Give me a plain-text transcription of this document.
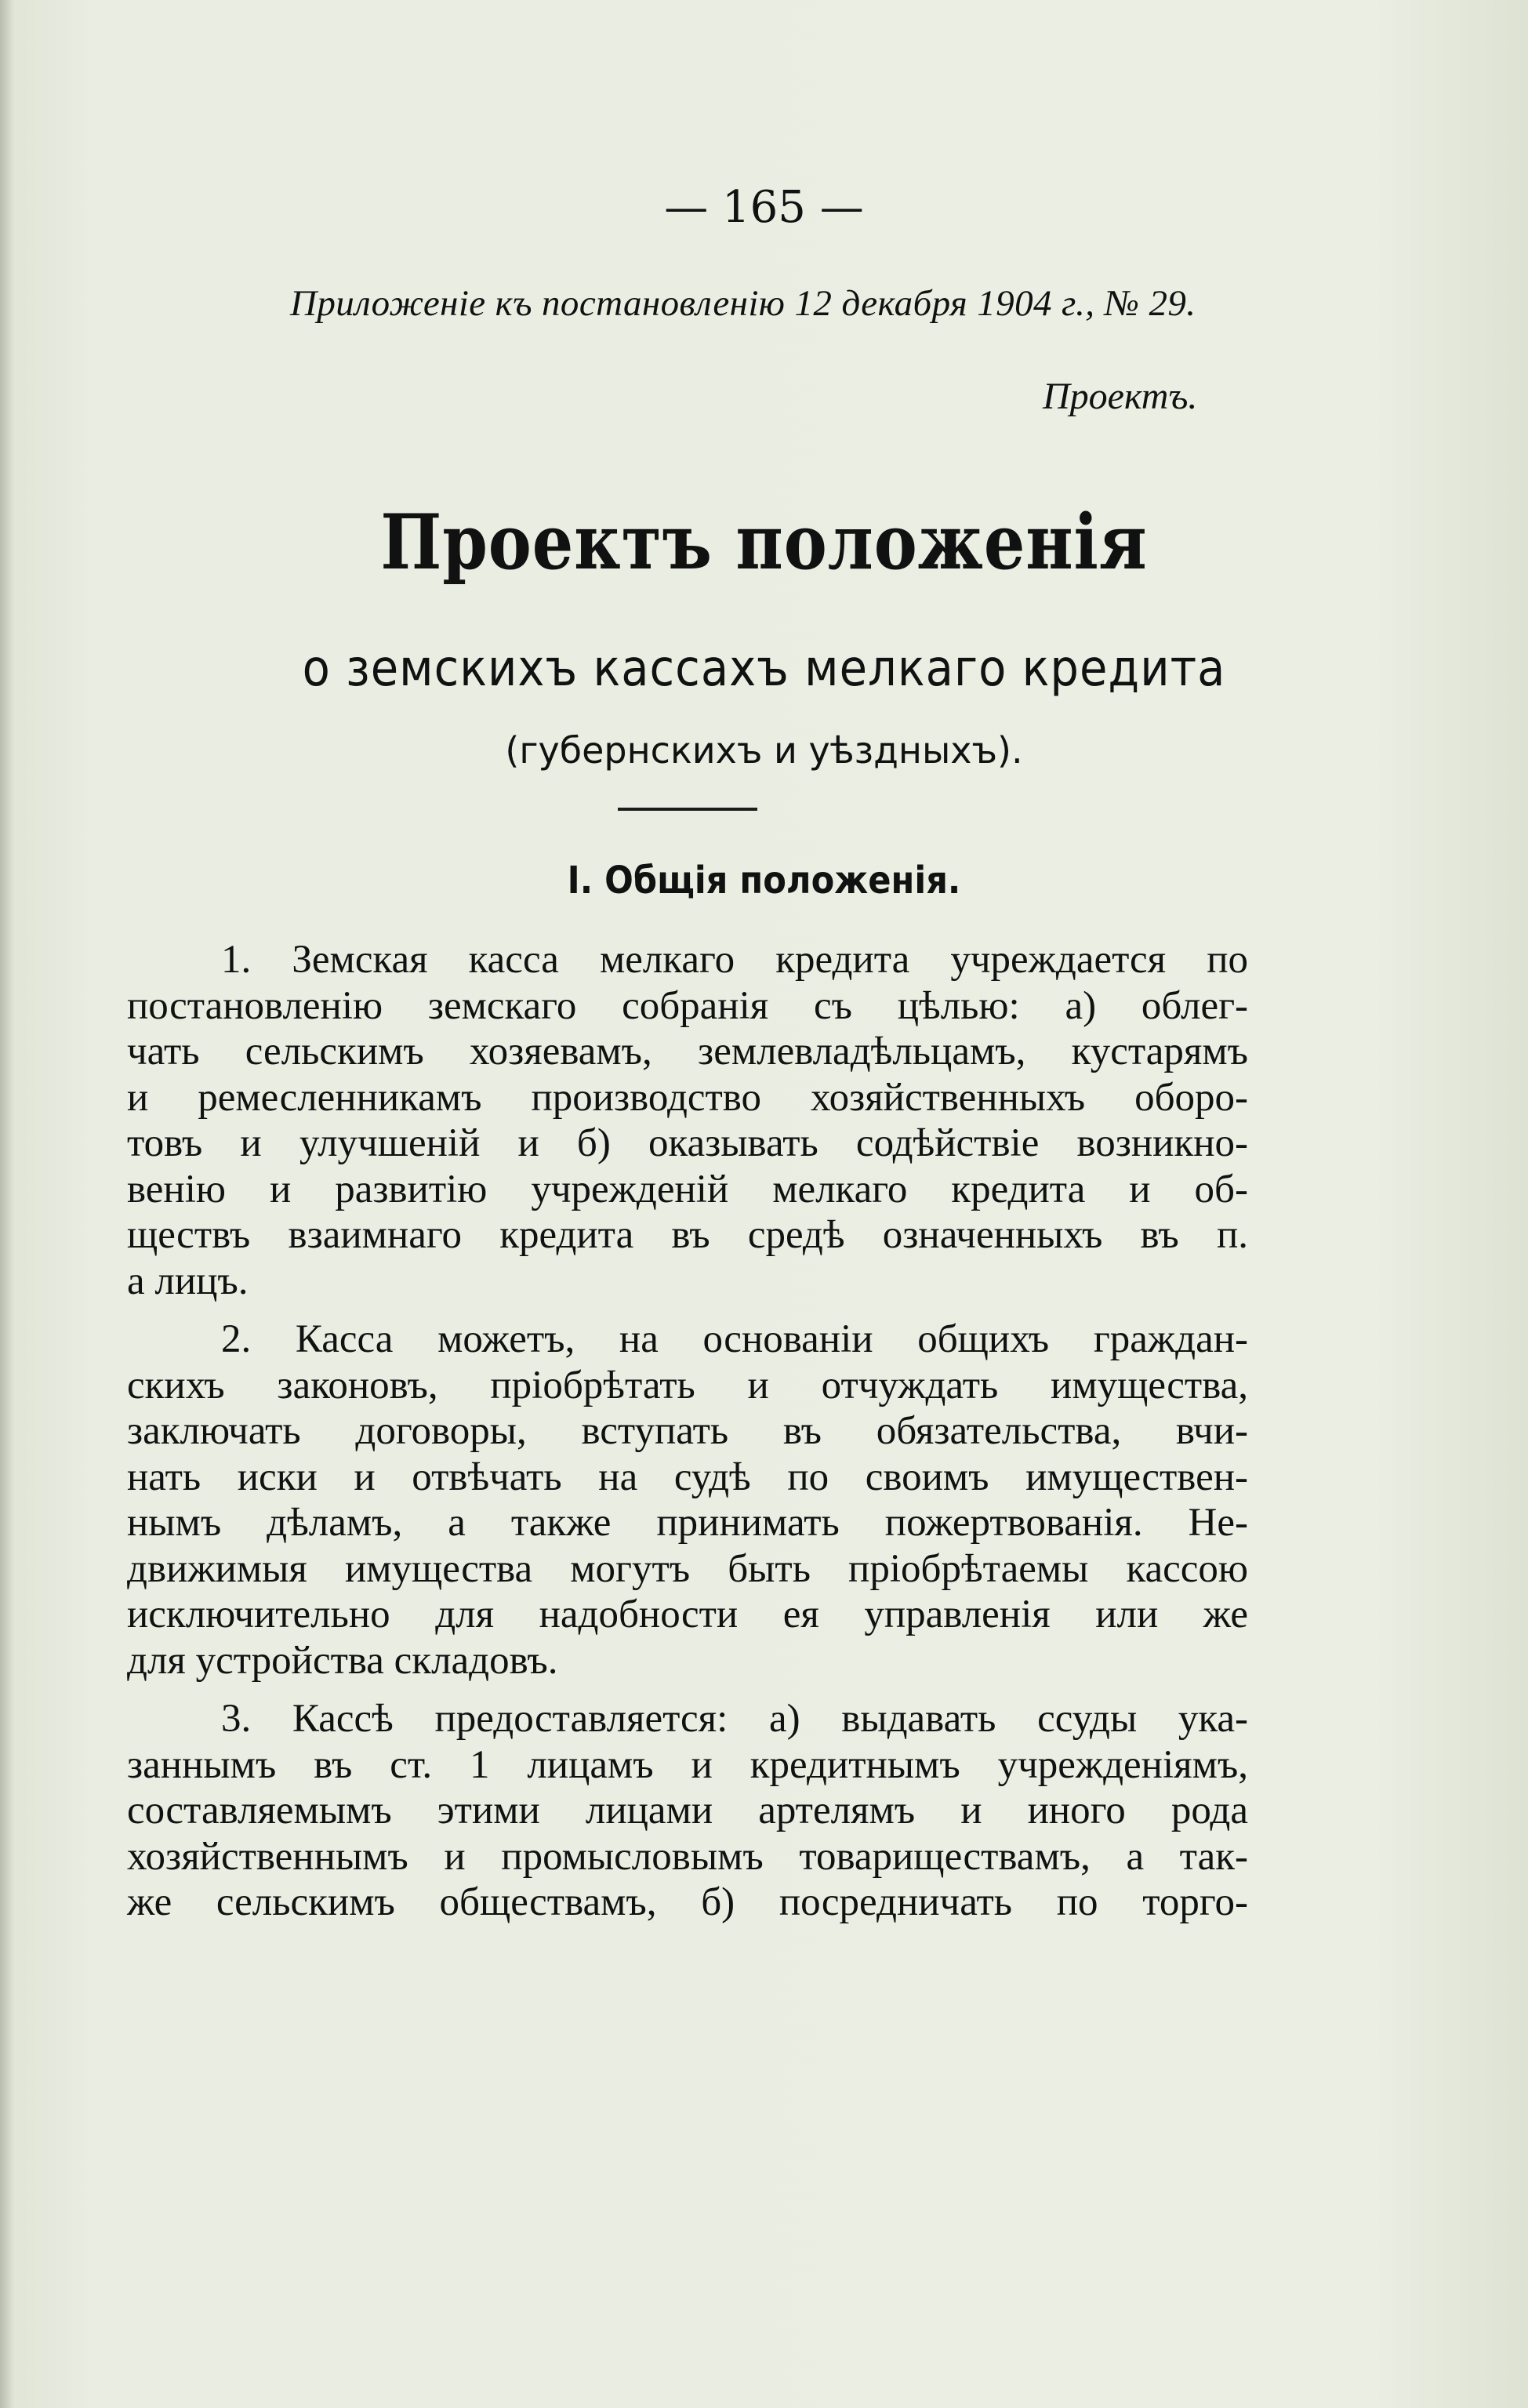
— 165 —
Приложеніе къ постановленію 12 декабря 1904 г., № 29.
Проектъ.
Проектъ положенія
о земскихъ кассахъ мелкаго кредита
(губернскихъ и уѣздныхъ).
I. Общія положенія.
1. Земская касса мелкаго кредита учреждается по
постановленію земскаго собранія съ цѣлью: а) облег-
чать сельскимъ хозяевамъ, землевладѣльцамъ, кустарямъ
и ремесленникамъ производство хозяйственныхъ оборо-
товъ и улучшеній и б) оказывать содѣйствіе возникно-
венію и развитію учрежденій мелкаго кредита и об-
ществъ взаимнаго кредита въ средѣ означенныхъ въ п.
а лицъ.
2. Касса можетъ, на основаніи общихъ граждан-
скихъ законовъ, пріобрѣтать и отчуждать имущества,
заключать договоры, вступать въ обязательства, вчи-
нать иски и отвѣчать на судѣ по своимъ имуществен-
нымъ дѣламъ, а также принимать пожертвованія. Не-
движимыя имущества могутъ быть пріобрѣтаемы кассою
исключительно для надобности ея управленія или же
для устройства складовъ.
3. Кассѣ предоставляется: а) выдавать ссуды ука-
заннымъ въ ст. 1 лицамъ и кредитнымъ учрежденіямъ,
составляемымъ этими лицами артелямъ и иного рода
хозяйственнымъ и промысловымъ товариществамъ, а так-
же сельскимъ обществамъ, б) посредничать по торго-
